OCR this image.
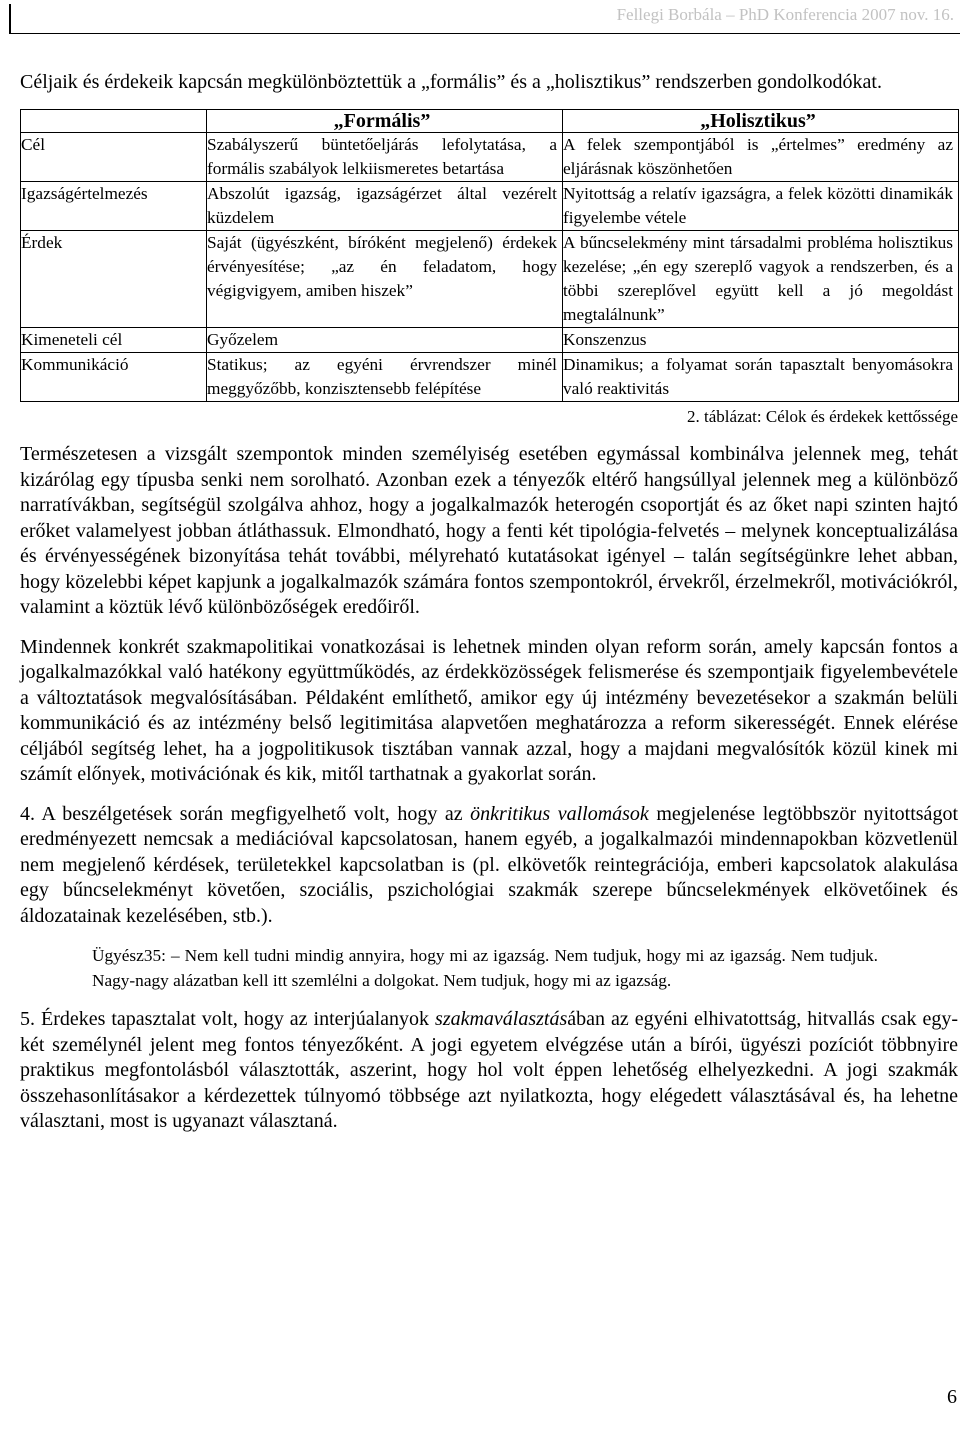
Fellegi Borbála – PhD Konferencia 2007 nov. 16.

Céljaik és érdekeik kapcsán megkülönböztettük a „formális” és a „holisztikus” rendszerben gondolkodókat.

	„Formális”	„Holisztikus”
Cél	Szabályszerű büntetőeljárás lefolytatása, a formális szabályok lelkiismeretes betartása	A felek szempontjából is „értelmes” eredmény az eljárásnak köszönhetően
Igazságértelmezés	Abszolút igazság, igazságérzet által vezérelt küzdelem	Nyitottság a relatív igazságra, a felek közötti dinamikák figyelembe vétele
Érdek	Saját (ügyészként, bíróként megjelenő) érdekek érvényesítése; „az én feladatom, hogy végigvigyem, amiben hiszek”	A bűncselekmény mint társadalmi probléma holisztikus kezelése; „én egy szereplő vagyok a rendszerben, és a többi szereplővel együtt kell a jó megoldást megtalálnunk”
Kimeneteli cél	Győzelem	Konszenzus
Kommunikáció	Statikus; az egyéni érvrendszer minél meggyőzőbb, konzisztensebb felépítése	Dinamikus; a folyamat során tapasztalt benyomásokra való reaktivitás
2. táblázat: Célok és érdekek kettőssége

Természetesen a vizsgált szempontok minden személyiség esetében egymással kombinálva jelennek meg, tehát kizárólag egy típusba senki nem sorolható. Azonban ezek a tényezők eltérő hangsúllyal jelennek meg a különböző narratívákban, segítségül szolgálva ahhoz, hogy a jogalkalmazók heterogén csoportját és az őket napi szinten hajtó erőket valamelyest jobban átláthassuk. Elmondható, hogy a fenti két tipológia-felvetés – melynek konceptualizálása és érvényességének bizonyítása tehát további, mélyreható kutatásokat igényel – talán segítségünkre lehet abban, hogy közelebbi képet kapjunk a jogalkalmazók számára fontos szempontokról, érvekről, érzelmekről, motivációkról, valamint a köztük lévő különbözőségek eredőiről.

Mindennek konkrét szakmapolitikai vonatkozásai is lehetnek minden olyan reform során, amely kapcsán fontos a jogalkalmazókkal való hatékony együttműködés, az érdekközösségek felismerése és szempontjaik figyelembevétele a változtatások megvalósításában. Példaként említhető, amikor egy új intézmény bevezetésekor a szakmán belüli kommunikáció és az intézmény belső legitimitása alapvetően meghatározza a reform sikerességét. Ennek elérése céljából segítség lehet, ha a jogpolitikusok tisztában vannak azzal, hogy a majdani megvalósítók közül kinek mi számít előnyek, motivációnak és kik, mitől tarthatnak a gyakorlat során.

4. A beszélgetések során megfigyelhető volt, hogy az önkritikus vallomások megjelenése legtöbbször nyitottságot eredményezett nemcsak a mediációval kapcsolatosan, hanem egyéb, a jogalkalmazói mindennapokban közvetlenül nem megjelenő kérdések, területekkel kapcsolatban is (pl. elkövetők reintegrációja, emberi kapcsolatok alakulása egy bűncselekményt követően, szociális, pszichológiai szakmák szerepe bűncselekmények elkövetőinek és áldozatainak kezelésében, stb.).

Ügyész35: – Nem kell tudni mindig annyira, hogy mi az igazság. Nem tudjuk, hogy mi az igazság. Nem tudjuk. Nagy-nagy alázatban kell itt szemlélni a dolgokat. Nem tudjuk, hogy mi az igazság.

5. Érdekes tapasztalat volt, hogy az interjúalanyok szakmaválasztásában az egyéni elhivatottság, hitvallás csak egy-két személynél jelent meg fontos tényezőként. A jogi egyetem elvégzése után a bírói, ügyészi pozíciót többnyire praktikus megfontolásból választották, aszerint, hogy hol volt éppen lehetőség elhelyezkedni. A jogi szakmák összehasonlításakor a kérdezettek túlnyomó többsége azt nyilatkozta, hogy elégedett választásával és, ha lehetne választani, most is ugyanazt választaná.

6
